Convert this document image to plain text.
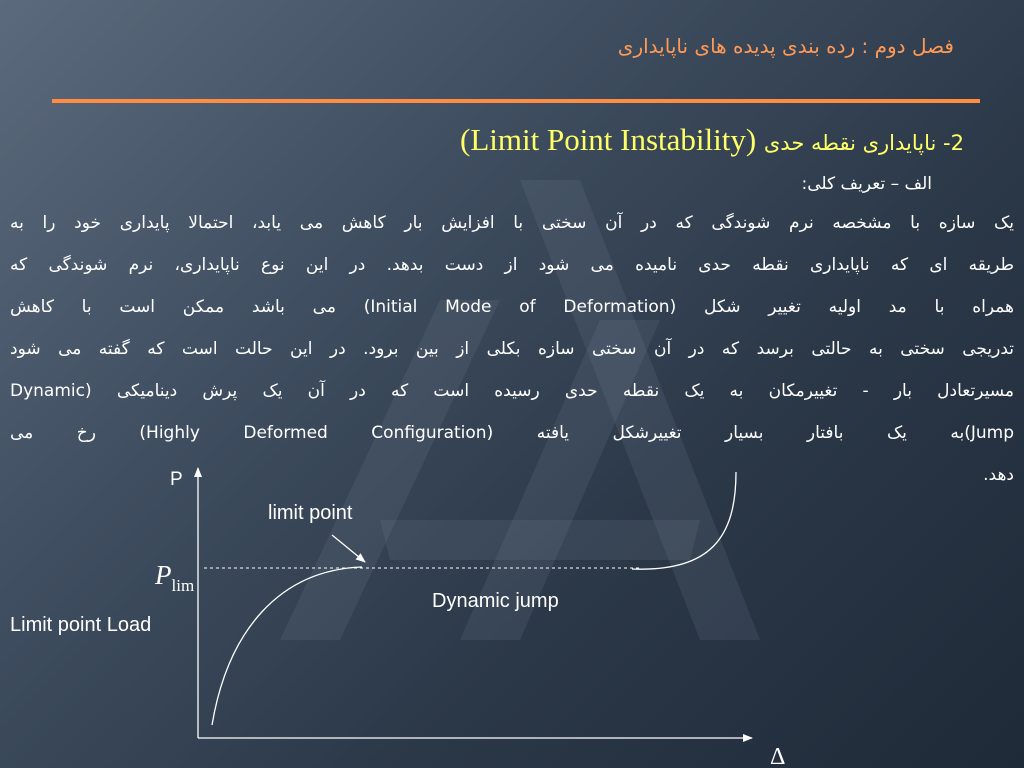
فصل دوم : رده بندی پدیده های ناپایداری
2- ناپایداری نقطه حدی (Limit Point Instability)
الف – تعریف کلی:
یک سازه با مشخصه نرم شوندگی که در آن سختی با افزایش بار کاهش می یابد، احتمالا پایداری خود را به
طریقه ای که ناپایداری نقطه حدی نامیده می شود از دست بدهد. در این نوع ناپایداری، نرم شوندگی که
همراه با مد اولیه تغییر شکل (Initial Mode of Deformation) می باشد ممکن است با کاهش
تدریجی سختی به حالتی برسد که در آن سختی سازه بکلی از بین برود. در این حالت است که گفته می شود
مسیرتعادل بار - تغییرمکان به یک نقطه حدی رسیده است که در آن یک پرش دینامیکی (Dynamic
Jump)به یک بافتار بسیار تغییرشکل یافته (Highly Deformed Configuration) رخ می
دهد.
P
Δ
Plim
limit point
Dynamic jump
Limit point Load
